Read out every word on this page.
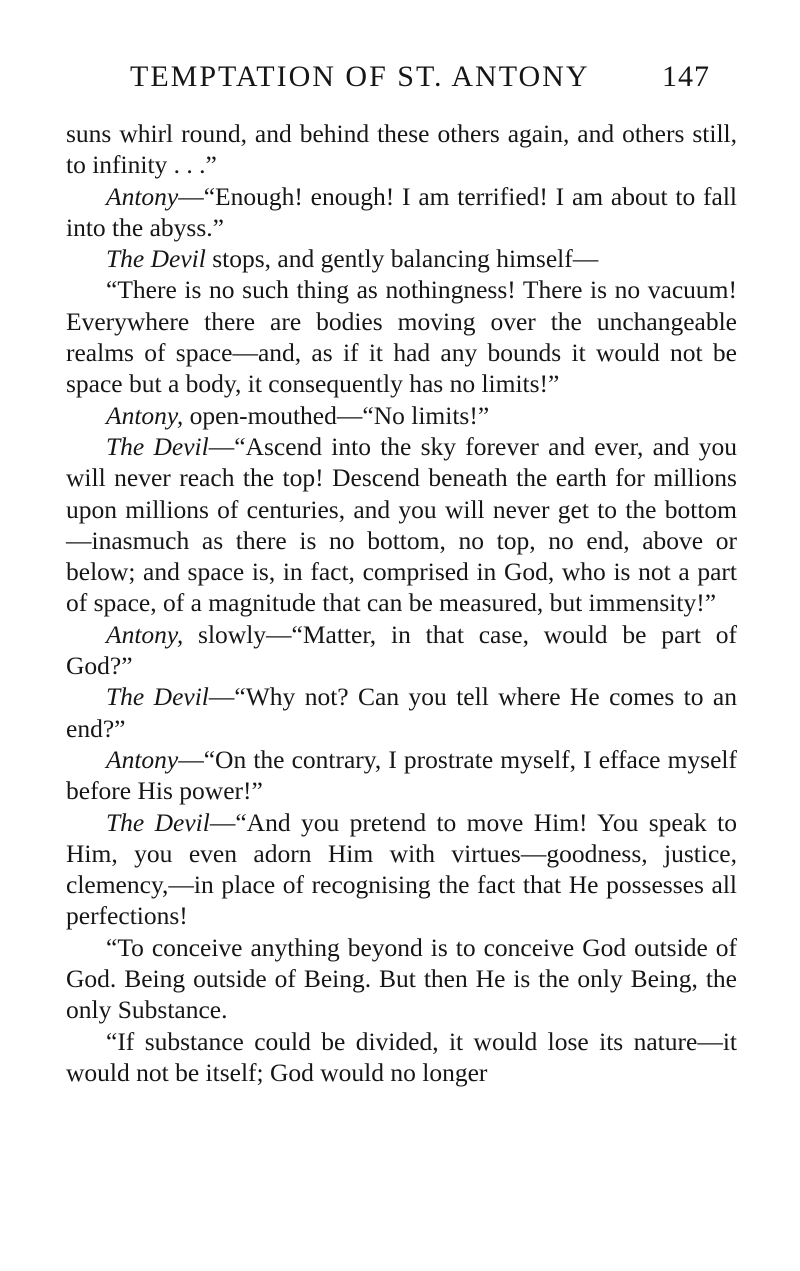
TEMPTATION OF ST. ANTONY	147

suns whirl round, and behind these others again, and others still, to infinity . . .”

Antony—“Enough! enough! I am terrified! I am about to fall into the abyss.”

The Devil stops, and gently balancing himself—

“There is no such thing as nothingness! There is no vacuum! Everywhere there are bodies moving over the unchangeable realms of space—and, as if it had any bounds it would not be space but a body, it consequently has no limits!”

Antony, open-mouthed—“No limits!”

The Devil—“Ascend into the sky forever and ever, and you will never reach the top! Descend beneath the earth for millions upon millions of centuries, and you will never get to the bottom—inasmuch as there is no bottom, no top, no end, above or below; and space is, in fact, comprised in God, who is not a part of space, of a magnitude that can be measured, but immensity!”

Antony, slowly—“Matter, in that case, would be part of God?”

The Devil—“Why not? Can you tell where He comes to an end?”

Antony—“On the contrary, I prostrate myself, I efface myself before His power!”

The Devil—“And you pretend to move Him! You speak to Him, you even adorn Him with virtues—goodness, justice, clemency,—in place of recognising the fact that He possesses all perfections!

“To conceive anything beyond is to conceive God outside of God. Being outside of Being. But then He is the only Being, the only Substance.

“If substance could be divided, it would lose its nature—it would not be itself; God would no longer
